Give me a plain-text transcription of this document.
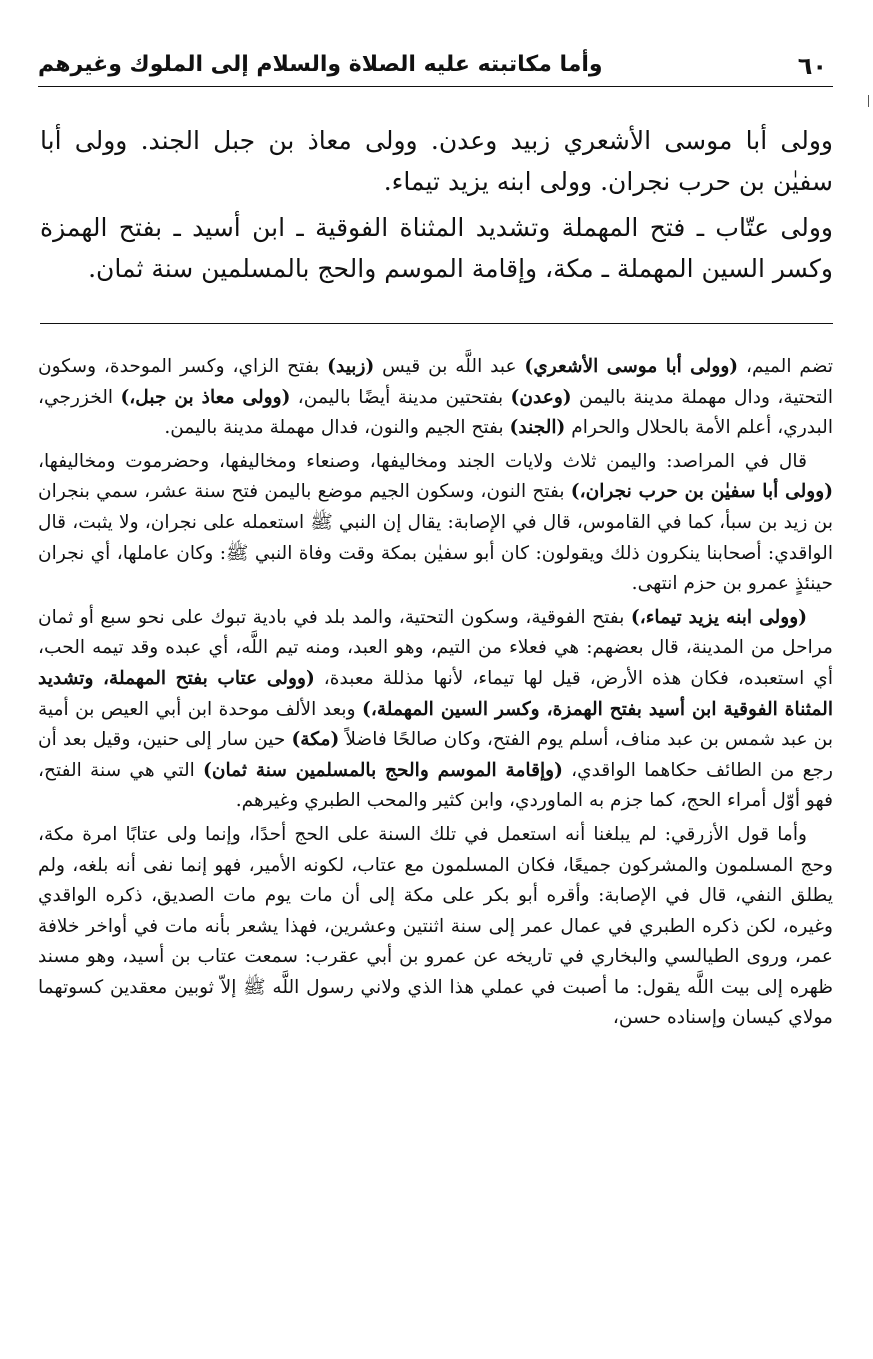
٦٠
وأما مكاتبته عليه الصلاة والسلام إلى الملوك وغيرهم

وولى أبا موسى الأشعري زبيد وعدن. وولى معاذ بن جبل الجند. وولى أبا سفيٰن بن حرب نجران. وولى ابنه يزيد تيماء.

وولى عتّاب ـ فتح المهملة وتشديد المثناة الفوقية ـ ابن أسيد ـ بفتح الهمزة وكسر السين المهملة ـ مكة، وإقامة الموسم والحج بالمسلمين سنة ثمان.

تضم الميم، (وولى أبا موسى الأشعري) عبد اللَّه بن قيس (زبيد) بفتح الزاي، وكسر الموحدة، وسكون التحتية، ودال مهملة مدينة باليمن (وعدن) بفتحتين مدينة أيضًا باليمن، (وولى معاذ بن جبل،) الخزرجي، البدري، أعلم الأمة بالحلال والحرام (الجند) بفتح الجيم والنون، فدال مهملة مدينة باليمن.

قال في المراصد: واليمن ثلاث ولايات الجند ومخاليفها، وصنعاء ومخاليفها، وحضرموت ومخاليفها، (وولى أبا سفيٰن بن حرب نجران،) بفتح النون، وسكون الجيم موضع باليمن فتح سنة عشر، سمي بنجران بن زيد بن سبأ، كما في القاموس، قال في الإصابة: يقال إن النبي ﷺ استعمله على نجران، ولا يثبت، قال الواقدي: أصحابنا ينكرون ذلك ويقولون: كان أبو سفيٰن بمكة وقت وفاة النبي ﷺ: وكان عاملها، أي نجران حينئذٍ عمرو بن حزم انتهى.

(وولى ابنه يزيد تيماء،) بفتح الفوقية، وسكون التحتية، والمد بلد في بادية تبوك على نحو سبع أو ثمان مراحل من المدينة، قال بعضهم: هي فعلاء من التيم، وهو العبد، ومنه تيم اللَّه، أي عبده وقد تيمه الحب، أي استعبده، فكان هذه الأرض، قيل لها تيماء، لأنها مذللة معبدة، (وولى عتاب بفتح المهملة، وتشديد المثناة الفوقية ابن أسيد بفتح الهمزة، وكسر السين المهملة،) وبعد الألف موحدة ابن أبي العيص بن أمية بن عبد شمس بن عبد مناف، أسلم يوم الفتح، وكان صالحًا فاضلاً (مكة) حين سار إلى حنين، وقيل بعد أن رجع من الطائف حكاهما الواقدي، (وإقامة الموسم والحج بالمسلمين سنة ثمان) التي هي سنة الفتح، فهو أوّل أمراء الحج، كما جزم به الماوردي، وابن كثير والمحب الطبري وغيرهم.

وأما قول الأزرقي: لم يبلغنا أنه استعمل في تلك السنة على الحج أحدًا، وإنما ولى عتابًا امرة مكة، وحج المسلمون والمشركون جميعًا، فكان المسلمون مع عتاب، لكونه الأمير، فهو إنما نفى أنه بلغه، ولم يطلق النفي، قال في الإصابة: وأقره أبو بكر على مكة إلى أن مات يوم مات الصديق، ذكره الواقدي وغيره، لكن ذكره الطبري في عمال عمر إلى سنة اثنتين وعشرين، فهذا يشعر بأنه مات في أواخر خلافة عمر، وروى الطيالسي والبخاري في تاريخه عن عمرو بن أبي عقرب: سمعت عتاب بن أسيد، وهو مسند ظهره إلى بيت اللَّه يقول: ما أصبت في عملي هذا الذي ولاني رسول اللَّه ﷺ إلاّ ثوبين معقدين كسوتهما مولاي كيسان وإسناده حسن،
